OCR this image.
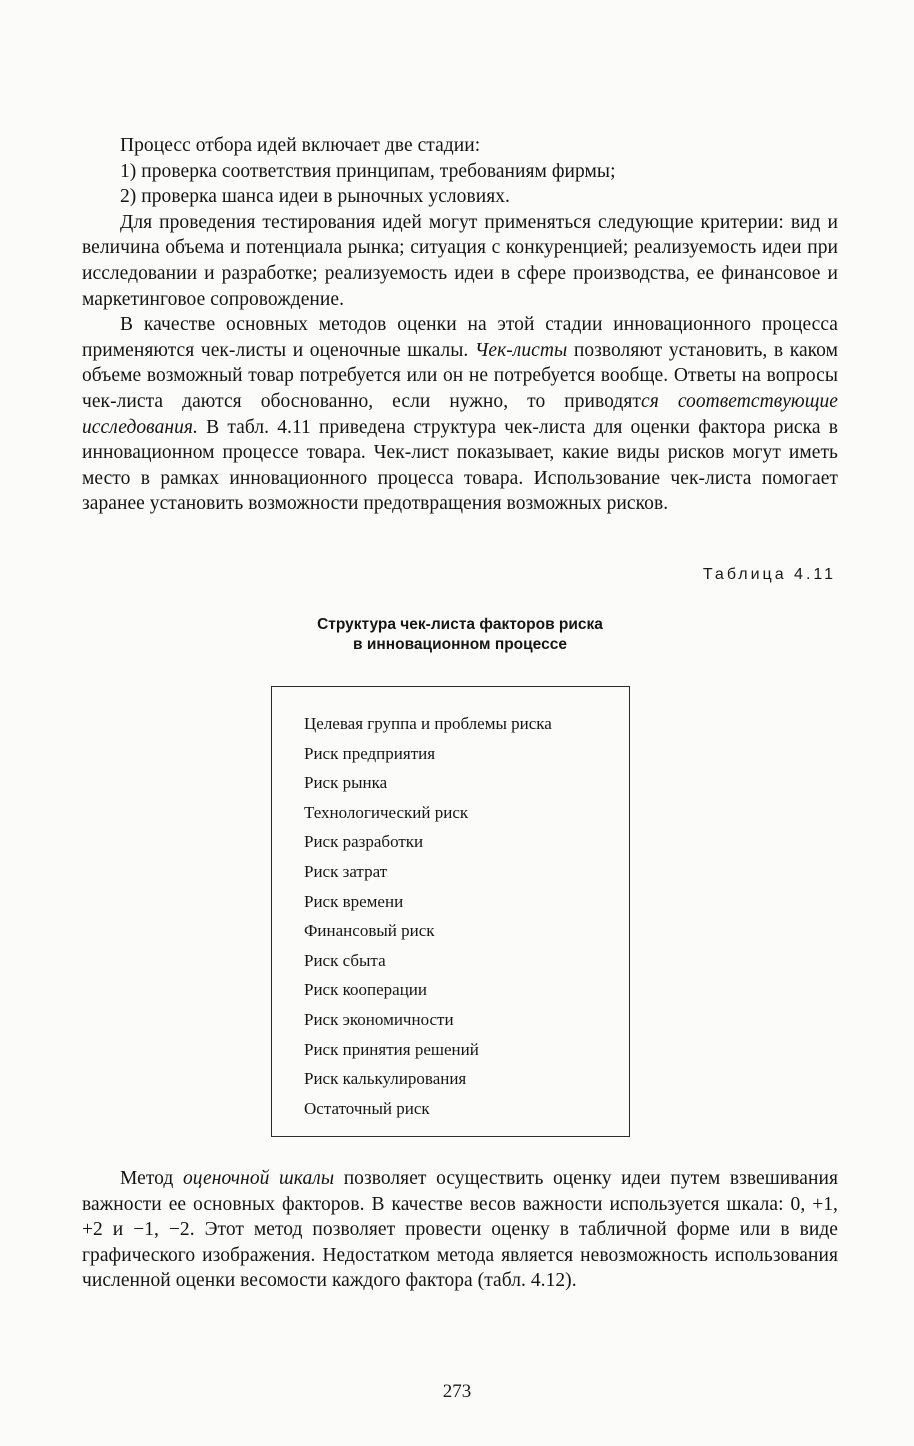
Процесс отбора идей включает две стадии:

1) проверка соответствия принципам, требованиям фирмы;

2) проверка шанса идеи в рыночных условиях.

Для проведения тестирования идей могут применяться следующие критерии: вид и величина объема и потенциала рынка; ситуация с конкуренцией; реализуемость идеи при исследовании и разработке; реализуемость идеи в сфере производства, ее финансовое и маркетинговое сопровождение.

В качестве основных методов оценки на этой стадии инновационного процесса применяются чек-листы и оценочные шкалы. Чек-листы позволяют установить, в каком объеме возможный товар потребуется или он не потребуется вообще. Ответы на вопросы чек-листа даются обоснованно, если нужно, то приводятся соответствующие исследования. В табл. 4.11 приведена структура чек-листа для оценки фактора риска в инновационном процессе товара. Чек-лист показывает, какие виды рисков могут иметь место в рамках инновационного процесса товара. Использование чек-листа помогает заранее установить возможности предотвращения возможных рисков.

Таблица 4.11
Структура чек-листа факторов риска
в инновационном процессе
Целевая группа и проблемы риска
Риск предприятия
Риск рынка
Технологический риск
Риск разработки
Риск затрат
Риск времени
Финансовый риск
Риск сбыта
Риск кооперации
Риск экономичности
Риск принятия решений
Риск калькулирования
Остаточный риск

Метод оценочной шкалы позволяет осуществить оценку идеи путем взвешивания важности ее основных факторов. В качестве весов важности используется шкала: 0, +1, +2 и −1, −2. Этот метод позволяет провести оценку в табличной форме или в виде графического изображения. Недостатком метода является невозможность использования численной оценки весомости каждого фактора (табл. 4.12).

273
